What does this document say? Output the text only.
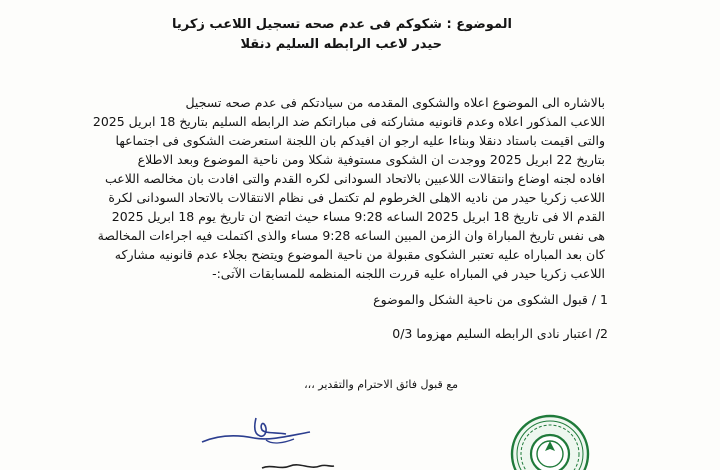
الموضوع : شكوكم فى عدم صحه تسجيل اللاعب زكريا
حيدر لاعب الرابطه السليم دنقلا
بالاشاره الى الموضوع اعلاه والشكوى المقدمه من سيادتكم فى عدم صحه تسجيل
اللاعب المذكور اعلاه وعدم قانونيه مشاركته فى مباراتكم ضد الرابطه السليم بتاريخ 18 ابريل 2025
والتى اقيمت باستاد دنقلا وبناءا عليه ارجو ان افيدكم بان اللجنة استعرضت الشكوى فى اجتماعها
بتاريخ 22 ابريل 2025 ووجدت ان الشكوى مستوفية شكلا ومن ناحية الموضوع وبعد الاطلاع
افاده لجنه اوضاع وانتقالات اللاعبين بالاتحاد السودانى لكره القدم والتى افادت بان مخالصه اللاعب
اللاعب زكريا حيدر من ناديه الاهلى الخرطوم لم تكتمل فى نظام الانتقالات بالاتحاد السودانى لكرة
القدم الا فى تاريخ 18 ابريل 2025 الساعه 9:28 مساء حيث اتضح ان تاريخ يوم 18 ابريل 2025
هى نفس تاريخ المباراة وان الزمن المبين الساعه 9:28 مساء والذى اكتملت فيه اجراءات المخالصة
كان بعد المباراه عليه تعتبر الشكوى مقبولة من ناحية الموضوع ويتضح بجلاء عدم قانونيه مشاركه
اللاعب زكريا حيدر في المباراه عليه قررت اللجنه المنظمه للمسابقات الآتى:-
1 / قبول الشكوى من ناحية الشكل والموضوع
2/ اعتبار نادى الرابطه السليم مهزوما 0/3
مع قبول فائق الاحترام والتقدير ،،،
